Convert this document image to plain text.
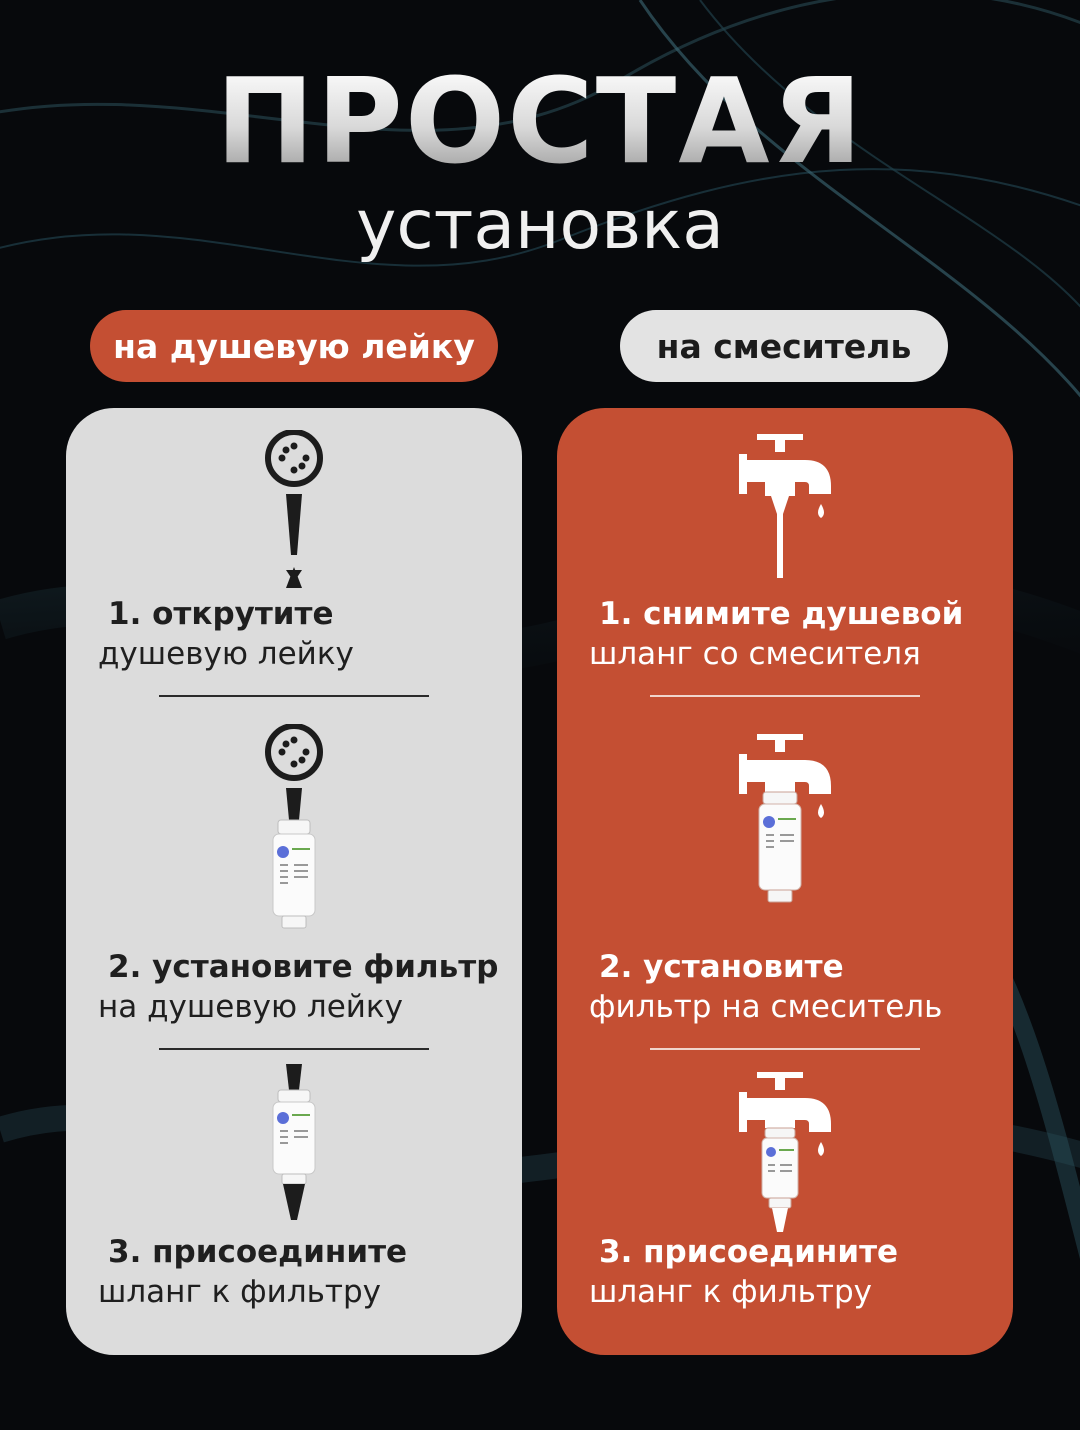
ПРОСТАЯ
установка
на душевую лейку	на смеситель
1. открутите
душевую лейку
2. установите фильтр
на душевую лейку
3. присоедините
шланг к фильтру
1. снимите душевой
шланг со смесителя
2. установите
фильтр на смеситель
3. присоедините
шланг к фильтру
